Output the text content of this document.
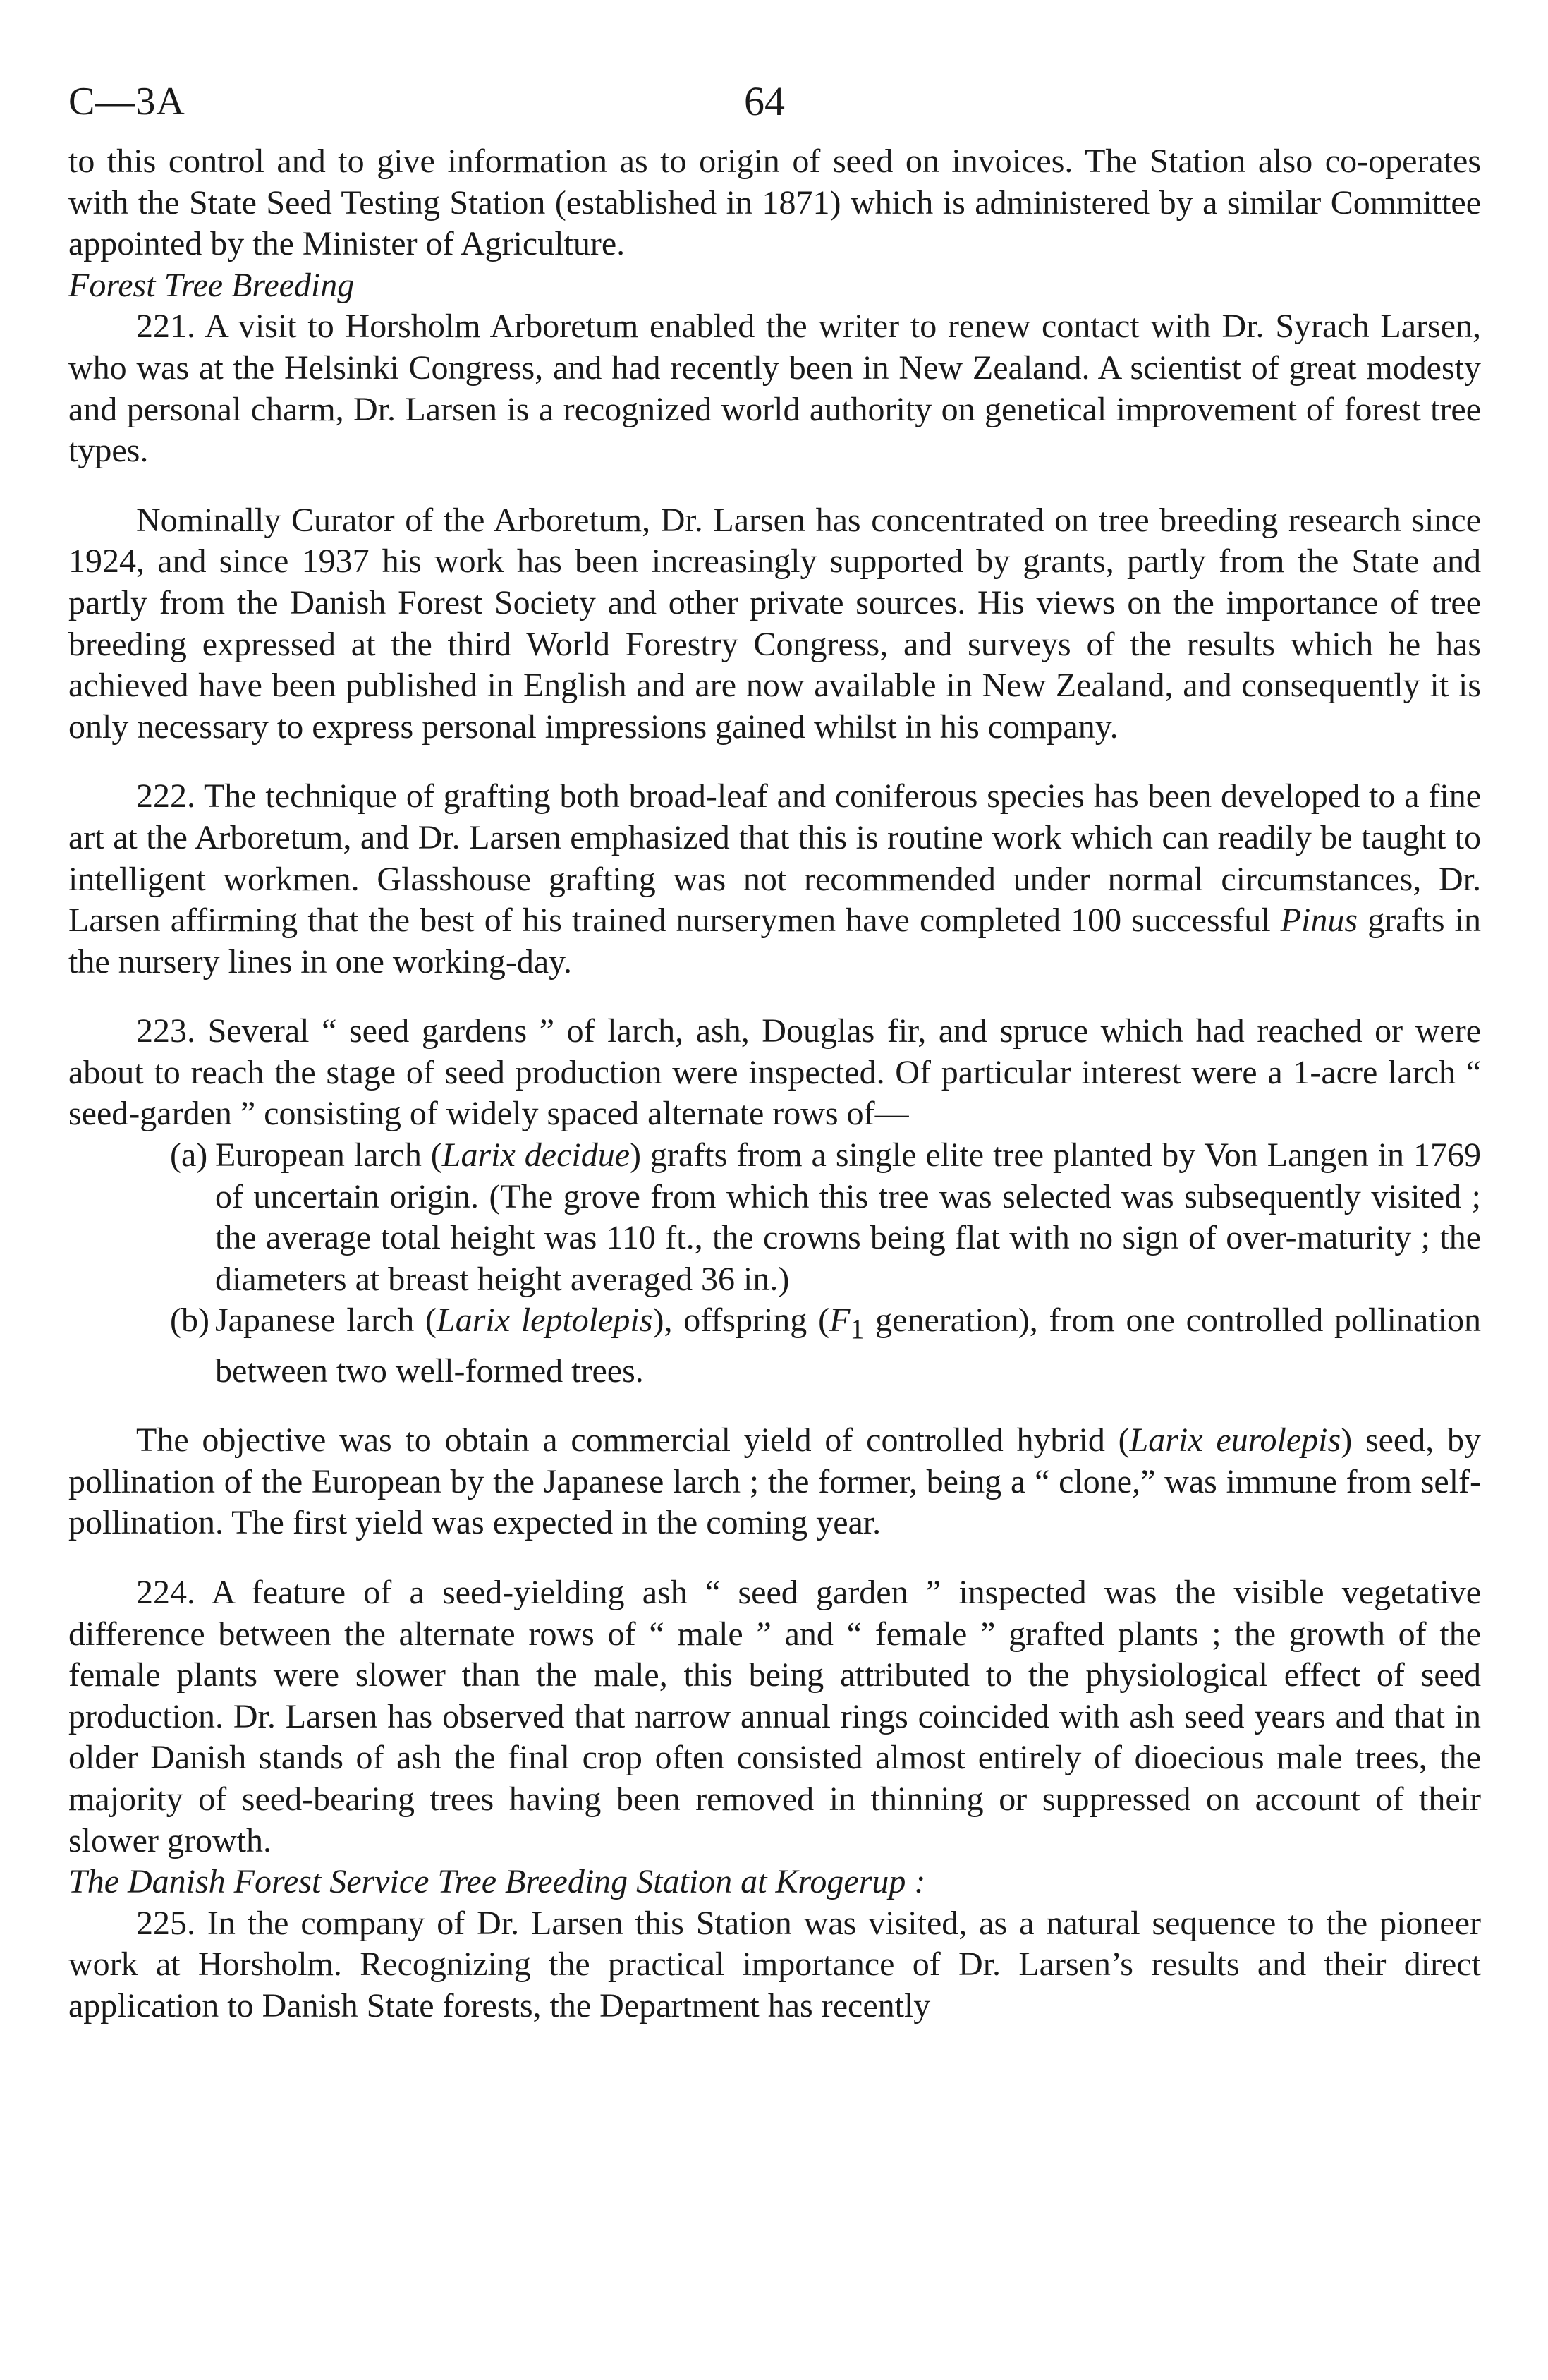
C—3A	64

to this control and to give information as to origin of seed on invoices. The Station also co-operates with the State Seed Testing Station (established in 1871) which is administered by a similar Committee appointed by the Minister of Agriculture.

Forest Tree Breeding

221. A visit to Horsholm Arboretum enabled the writer to renew contact with Dr. Syrach Larsen, who was at the Helsinki Congress, and had recently been in New Zealand. A scientist of great modesty and personal charm, Dr. Larsen is a recognized world authority on genetical improvement of forest tree types.

Nominally Curator of the Arboretum, Dr. Larsen has concentrated on tree breeding research since 1924, and since 1937 his work has been increasingly supported by grants, partly from the State and partly from the Danish Forest Society and other private sources. His views on the importance of tree breeding expressed at the third World Forestry Congress, and surveys of the results which he has achieved have been published in English and are now available in New Zealand, and consequently it is only necessary to express personal impressions gained whilst in his company.

222. The technique of grafting both broad-leaf and coniferous species has been developed to a fine art at the Arboretum, and Dr. Larsen emphasized that this is routine work which can readily be taught to intelligent workmen. Glasshouse grafting was not recommended under normal circumstances, Dr. Larsen affirming that the best of his trained nurserymen have completed 100 successful Pinus grafts in the nursery lines in one working-day.

223. Several “ seed gardens ” of larch, ash, Douglas fir, and spruce which had reached or were about to reach the stage of seed production were inspected. Of particular interest were a 1-acre larch “ seed-garden ” consisting of widely spaced alternate rows of—

(a) European larch (Larix decidue) grafts from a single elite tree planted by Von Langen in 1769 of uncertain origin. (The grove from which this tree was selected was subsequently visited ; the average total height was 110 ft., the crowns being flat with no sign of over-maturity ; the diameters at breast height averaged 36 in.)

(b) Japanese larch (Larix leptolepis), offspring ($F_1$ generation), from one controlled pollination between two well-formed trees.

The objective was to obtain a commercial yield of controlled hybrid (Larix eurolepis) seed, by pollination of the European by the Japanese larch ; the former, being a “ clone,” was immune from self-pollination. The first yield was expected in the coming year.

224. A feature of a seed-yielding ash “ seed garden ” inspected was the visible vegetative difference between the alternate rows of “ male ” and “ female ” grafted plants ; the growth of the female plants were slower than the male, this being attributed to the physiological effect of seed production. Dr. Larsen has observed that narrow annual rings coincided with ash seed years and that in older Danish stands of ash the final crop often consisted almost entirely of dioecious male trees, the majority of seed-bearing trees having been removed in thinning or suppressed on account of their slower growth.

The Danish Forest Service Tree Breeding Station at Krogerup :

225. In the company of Dr. Larsen this Station was visited, as a natural sequence to the pioneer work at Horsholm. Recognizing the practical importance of Dr. Larsen’s results and their direct application to Danish State forests, the Department has recently
